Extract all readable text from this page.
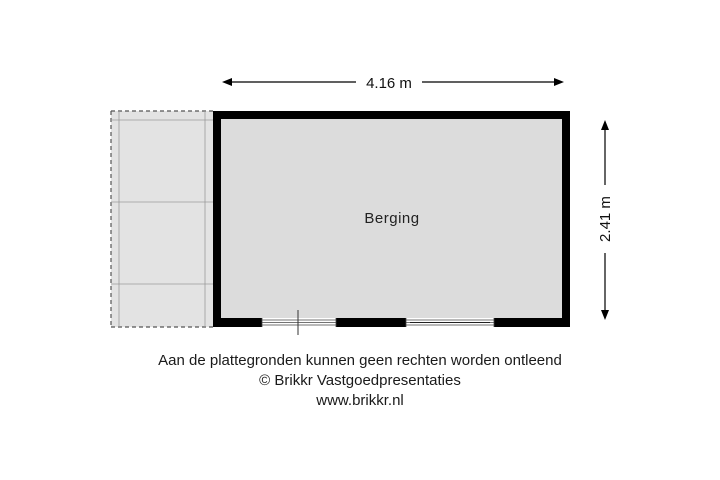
Berging
4.16 m
2.41 m
Aan de plattegronden kunnen geen rechten worden ontleend
© Brikkr Vastgoedpresentaties
www.brikkr.nl
